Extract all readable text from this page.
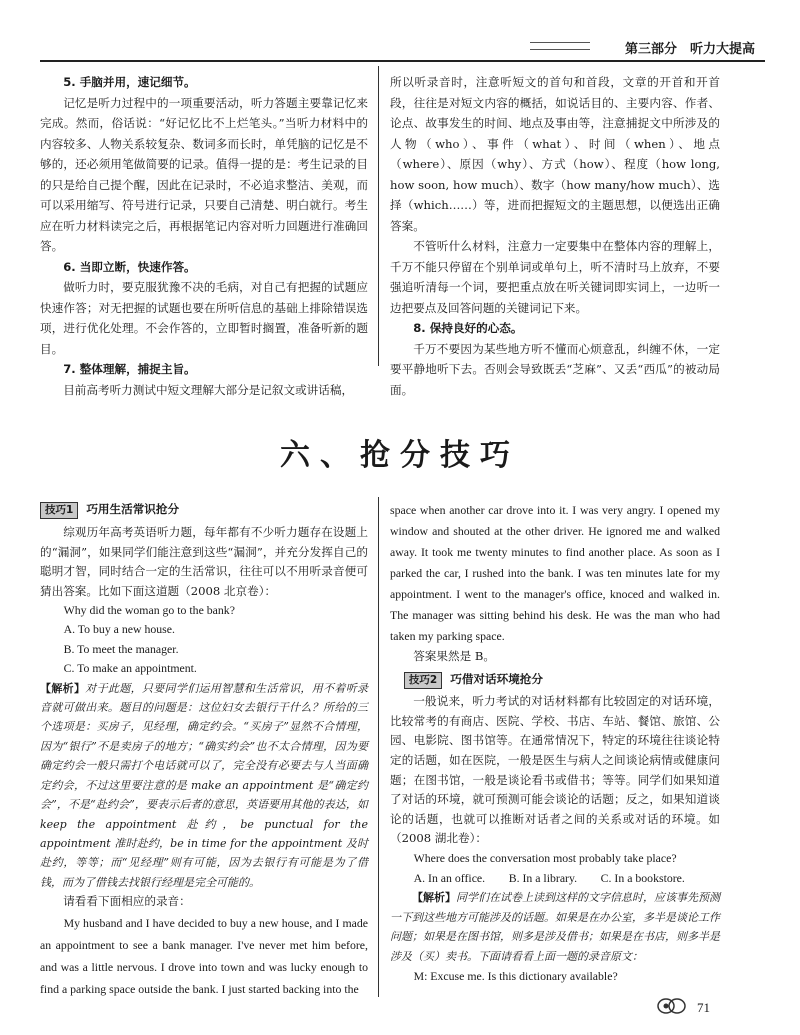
第三部分　听力大提高

5. 手脑并用，速记细节。

记忆是听力过程中的一项重要活动，听力答题主要靠记忆来完成。然而，俗话说：“好记忆比不上烂笔头。”当听力材料中的内容较多、人物关系较复杂、数词多而长时，单凭脑的记忆是不够的，还必须用笔做简要的记录。值得一提的是：考生记录的目的只是给自己提个醒，因此在记录时，不必追求整洁、美观，而可以采用缩写、符号进行记录，只要自己清楚、明白就行。考生应在听力材料读完之后，再根据笔记内容对听力回题进行准确回答。

6. 当即立断，快速作答。

做听力时，要克服犹豫不决的毛病，对自己有把握的试题应快速作答；对无把握的试题也要在所听信息的基础上排除错误选项，进行优化处理。不会作答的，立即暂时搁置，准备听新的题目。

7. 整体理解，捕捉主旨。

目前高考听力测试中短文理解大部分是记叙文或讲话稿，

所以听录音时，注意听短文的首句和首段，文章的开首和开首段，往往是对短文内容的概括，如说话目的、主要内容、作者、论点、故事发生的时间、地点及事由等，注意捕捉文中所涉及的人物（who）、事件（what）、时间（when）、地点（where）、原因（why）、方式（how）、程度（how long, how soon, how much）、数字（how many/how much）、选择（which……）等，进而把握短文的主题思想，以便选出正确答案。

不管听什么材料，注意力一定要集中在整体内容的理解上，千万不能只停留在个别单词或单句上，听不清时马上放弃，不要强追听清每一个词，要把重点放在听关键词即实词上，一边听一边把要点及回答问题的关键词记下来。

8. 保持良好的心态。

千万不要因为某些地方听不懂而心烦意乱，纠缠不休，一定要平静地听下去。否则会导致既丢“芝麻”、又丢“西瓜”的被动局面。

六、抢分技巧

技巧1 巧用生活常识抢分

综观历年高考英语听力题，每年都有不少听力题存在设题上的“漏洞”，如果同学们能注意到这些“漏洞”，并充分发挥自己的聪明才智，同时结合一定的生活常识，往往可以不用听录音便可猜出答案。比如下面这道题（2008 北京卷）：

Why did the woman go to the bank?

A. To buy a new house.

B. To meet the manager.

C. To make an appointment.

【解析】对于此题，只要同学们运用智慧和生活常识，用不着听录音就可做出来。题目的问题是：这位妇女去银行干什么？所给的三个选项是：买房子，见经理，确定约会。“买房子”显然不合情理，因为“银行”不是卖房子的地方；“确实约会”也不太合情理，因为要确定约会一般只需打个电话就可以了，完全没有必要去与人当面确定约会，不过这里要注意的是 make an appointment 是“确定约会”，不是“赴约会”，要表示后者的意思，英语要用其他的表达，如 keep the appointment 赴约，be punctual for the appointment 准时赴约，be in time for the appointment 及时赴约，等等；而“见经理”则有可能，因为去银行有可能是为了借钱，而为了借钱去找银行经理是完全可能的。

请看看下面相应的录音：

My husband and I have decided to buy a new house, and I made an appointment to see a bank manager. I've never met him before, and was a little nervous. I drove into town and was lucky enough to find a parking space outside the bank. I just started backing into the

space when another car drove into it. I was very angry. I opened my window and shouted at the other driver. He ignored me and walked away. It took me twenty minutes to find another place. As soon as I parked the car, I rushed into the bank. I was ten minutes late for my appointment. I went to the manager's office, knoced and walked in. The manager was sitting behind his desk. He was the man who had taken my parking space.

答案果然是 B。

技巧2 巧借对话环境抢分

一般说来，听力考试的对话材料都有比较固定的对话环境，比较常考的有商店、医院、学校、书店、车站、餐馆、旅馆、公园、电影院、图书馆等。在通常情况下，特定的环境往往谈论特定的话题，如在医院，一般是医生与病人之间谈论病情或健康问题；在图书馆，一般是谈论看书或借书；等等。同学们如果知道了对话的环境，就可预测可能会谈论的话题；反之，如果知道谈论的话题，也就可以推断对话者之间的关系或对话的环境。如（2008 湖北卷）：

Where does the conversation most probably take place?

A. In an office.　　B. In a library.　　C. In a bookstore.

【解析】同学们在试卷上读到这样的文字信息时，应该事先预测一下到这些地方可能涉及的话题。如果是在办公室，多半是谈论工作问题；如果是在图书馆，则多是涉及借书；如果是在书店，则多半是涉及（买）卖书。下面请看看上面一题的录音原文：

M: Excuse me. Is this dictionary available?

71
